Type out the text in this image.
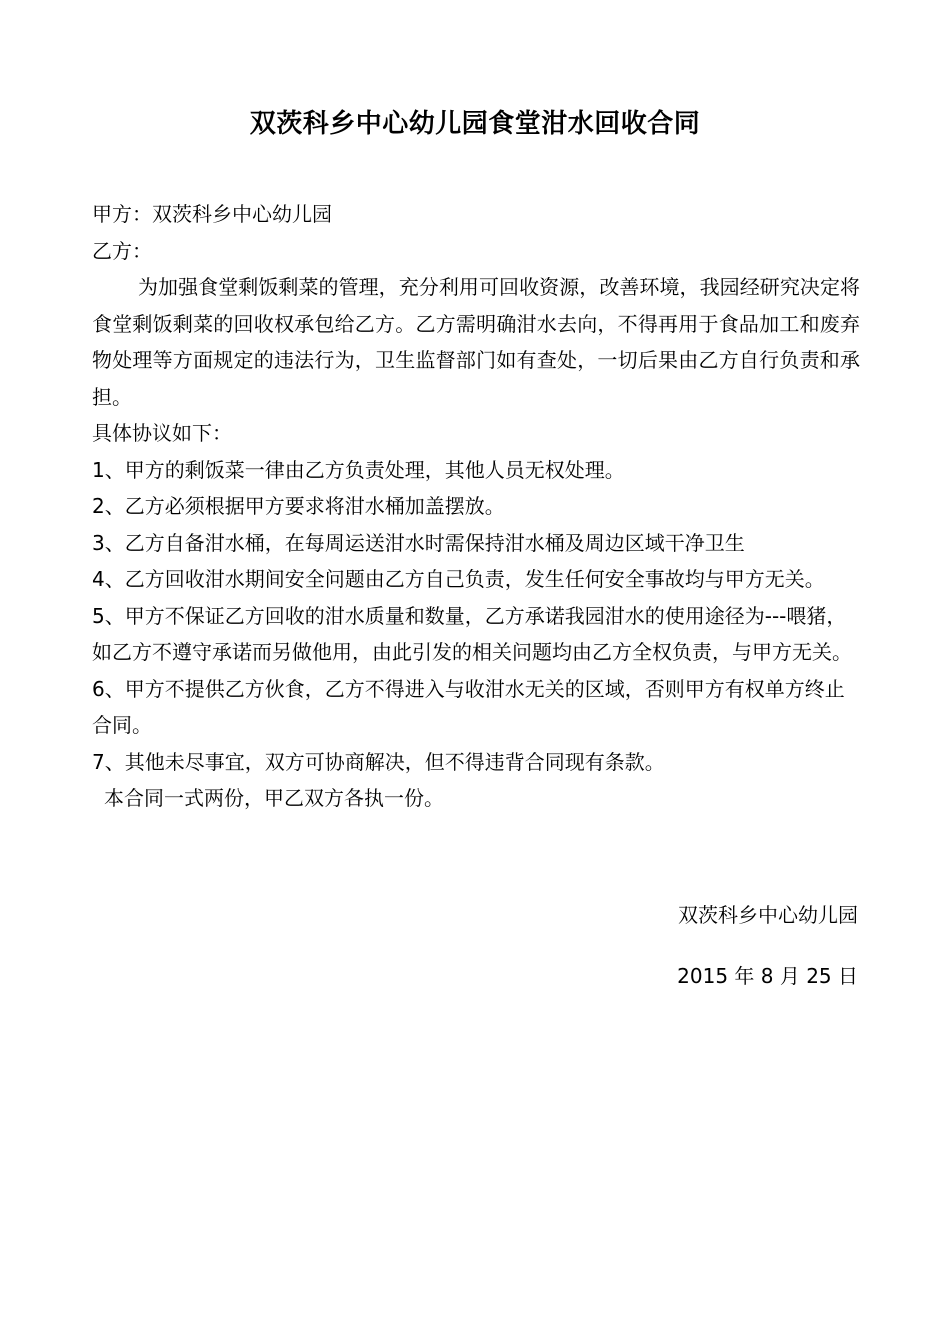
双茨科乡中心幼儿园食堂泔水回收合同

甲方：双茨科乡中心幼儿园

乙方：

为加强食堂剩饭剩菜的管理，充分利用可回收资源，改善环境，我园经研究决定将食堂剩饭剩菜的回收权承包给乙方。乙方需明确泔水去向，不得再用于食品加工和废弃物处理等方面规定的违法行为，卫生监督部门如有查处，一切后果由乙方自行负责和承担。

具体协议如下：

1、甲方的剩饭菜一律由乙方负责处理，其他人员无权处理。

2、乙方必须根据甲方要求将泔水桶加盖摆放。

3、乙方自备泔水桶，在每周运送泔水时需保持泔水桶及周边区域干净卫生

4、乙方回收泔水期间安全问题由乙方自己负责，发生任何安全事故均与甲方无关。

5、甲方不保证乙方回收的泔水质量和数量，乙方承诺我园泔水的使用途径为---喂猪，如乙方不遵守承诺而另做他用，由此引发的相关问题均由乙方全权负责，与甲方无关。

6、甲方不提供乙方伙食，乙方不得进入与收泔水无关的区域，否则甲方有权单方终止合同。

7、其他未尽事宜，双方可协商解决，但不得违背合同现有条款。

本合同一式两份，甲乙双方各执一份。

双茨科乡中心幼儿园
2015 年 8 月 25 日
